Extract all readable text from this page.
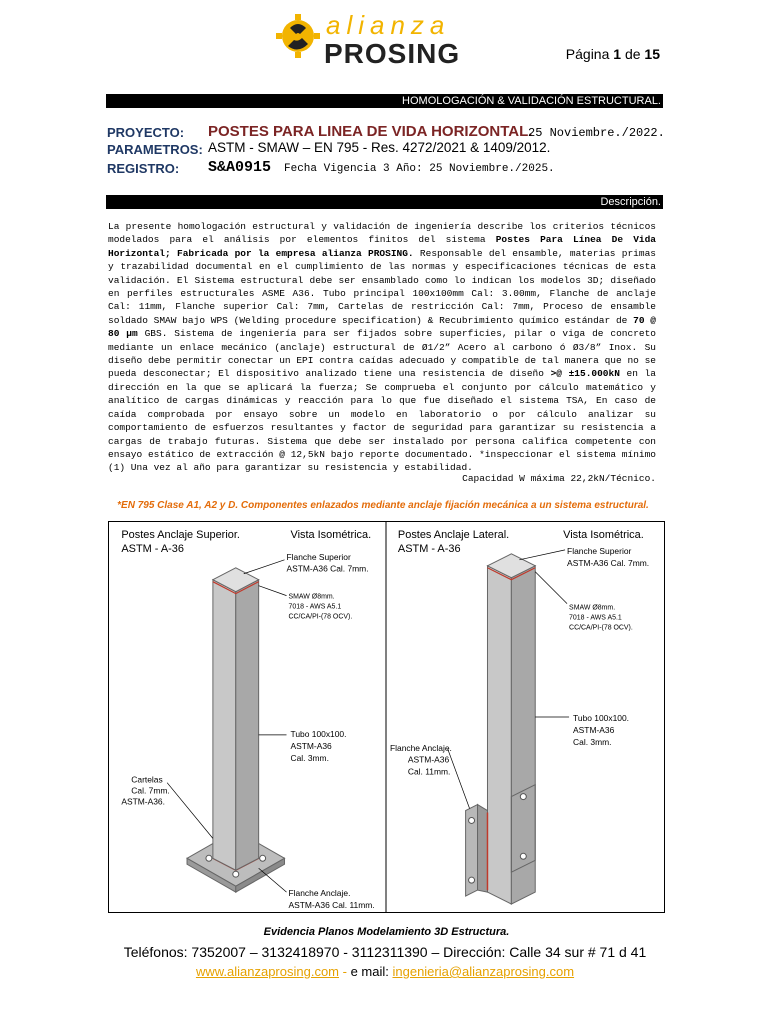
alianza
PROSING	Página 1 de 15
HOMOLOGACIÓN & VALIDACIÓN ESTRUCTURAL.
PROYECTO: POSTES PARA LINEA DE VIDA HORIZONTAL.
25 Noviembre./2022.
PARAMETROS: ASTM - SMAW – EN 795 - Res. 4272/2021 & 1409/2012.
REGISTRO: S&A0915 Fecha Vigencia 3 Año: 25 Noviembre./2025.
Descripción.
La presente homologación estructural y validación de ingeniería describe los criterios técnicos modelados para el análisis por elementos finitos del sistema Postes Para Línea De Vida Horizontal; Fabricada por la empresa alianza PROSING. Responsable del ensamble, materias primas y trazabilidad documental en el cumplimiento de las normas y especificaciones técnicas de esta validación. El Sistema estructural debe ser ensamblado como lo indican los modelos 3D; diseñado en perfiles estructurales ASME A36. Tubo principal 100x100mm Cal: 3.00mm, Flanche de anclaje Cal: 11mm, Flanche superior Cal: 7mm, Cartelas de restricción Cal: 7mm, Proceso de ensamble soldado SMAW bajo WPS (Welding procedure specification) & Recubrimiento químico estándar de 70 @ 80 µm GBS. Sistema de ingeniería para ser fijados sobre superficies, pilar o viga de concreto mediante un enlace mecánico (anclaje) estructural de Ø1/2” Acero al carbono ó Ø3/8” Inox. Su diseño debe permitir conectar un EPI contra caídas adecuado y compatible de tal manera que no se pueda desconectar; El dispositivo analizado tiene una resistencia de diseño >@ ±15.000kN en la dirección en la que se aplicará la fuerza; Se comprueba el conjunto por cálculo matemático y analítico de cargas dinámicas y reacción para lo que fue diseñado el sistema TSA, En caso de caída comprobada por ensayo sobre un modelo en laboratorio o por cálculo analizar su comportamiento de esfuerzos resultantes y factor de seguridad para garantizar su resistencia a cargas de trabajo futuras. Sistema que debe ser instalado por persona califica competente con ensayo estático de extracción @ 12,5kN bajo reporte documentado. *inspeccionar el sistema mínimo (1) Una vez al año para garantizar su resistencia y estabilidad.
Capacidad W máxima 22,2kN/Técnico.
*EN 795 Clase A1, A2 y D. Componentes enlazados mediante anclaje fijación mecánica a un sistema estructural.
Postes Anclaje Superior.
ASTM - A-36
Vista Isométrica.
Flanche Superior
ASTM-A36 Cal. 7mm.
SMAW Ø8mm.
7018 - AWS A5.1
CC/CA/PI-(78 OCV).
Tubo 100x100.
ASTM-A36
Cal. 3mm.
Cartelas
Cal. 7mm.
ASTM-A36.
Flanche Anclaje.
ASTM-A36 Cal. 11mm.
Postes Anclaje Lateral.
ASTM - A-36
Vista Isométrica.
Flanche Superior
ASTM-A36 Cal. 7mm.
SMAW Ø8mm.
7018 - AWS A5.1
CC/CA/PI-(78 OCV).
Tubo 100x100.
ASTM-A36
Cal. 3mm.
Flanche Anclaje.
ASTM-A36
Cal. 11mm.
Evidencia Planos Modelamiento 3D Estructura.
Teléfonos: 7352007 – 3132418970 - 3112311390 – Dirección: Calle 34 sur # 71 d 41
www.alianzaprosing.com - e mail: ingenieria@alianzaprosing.com
